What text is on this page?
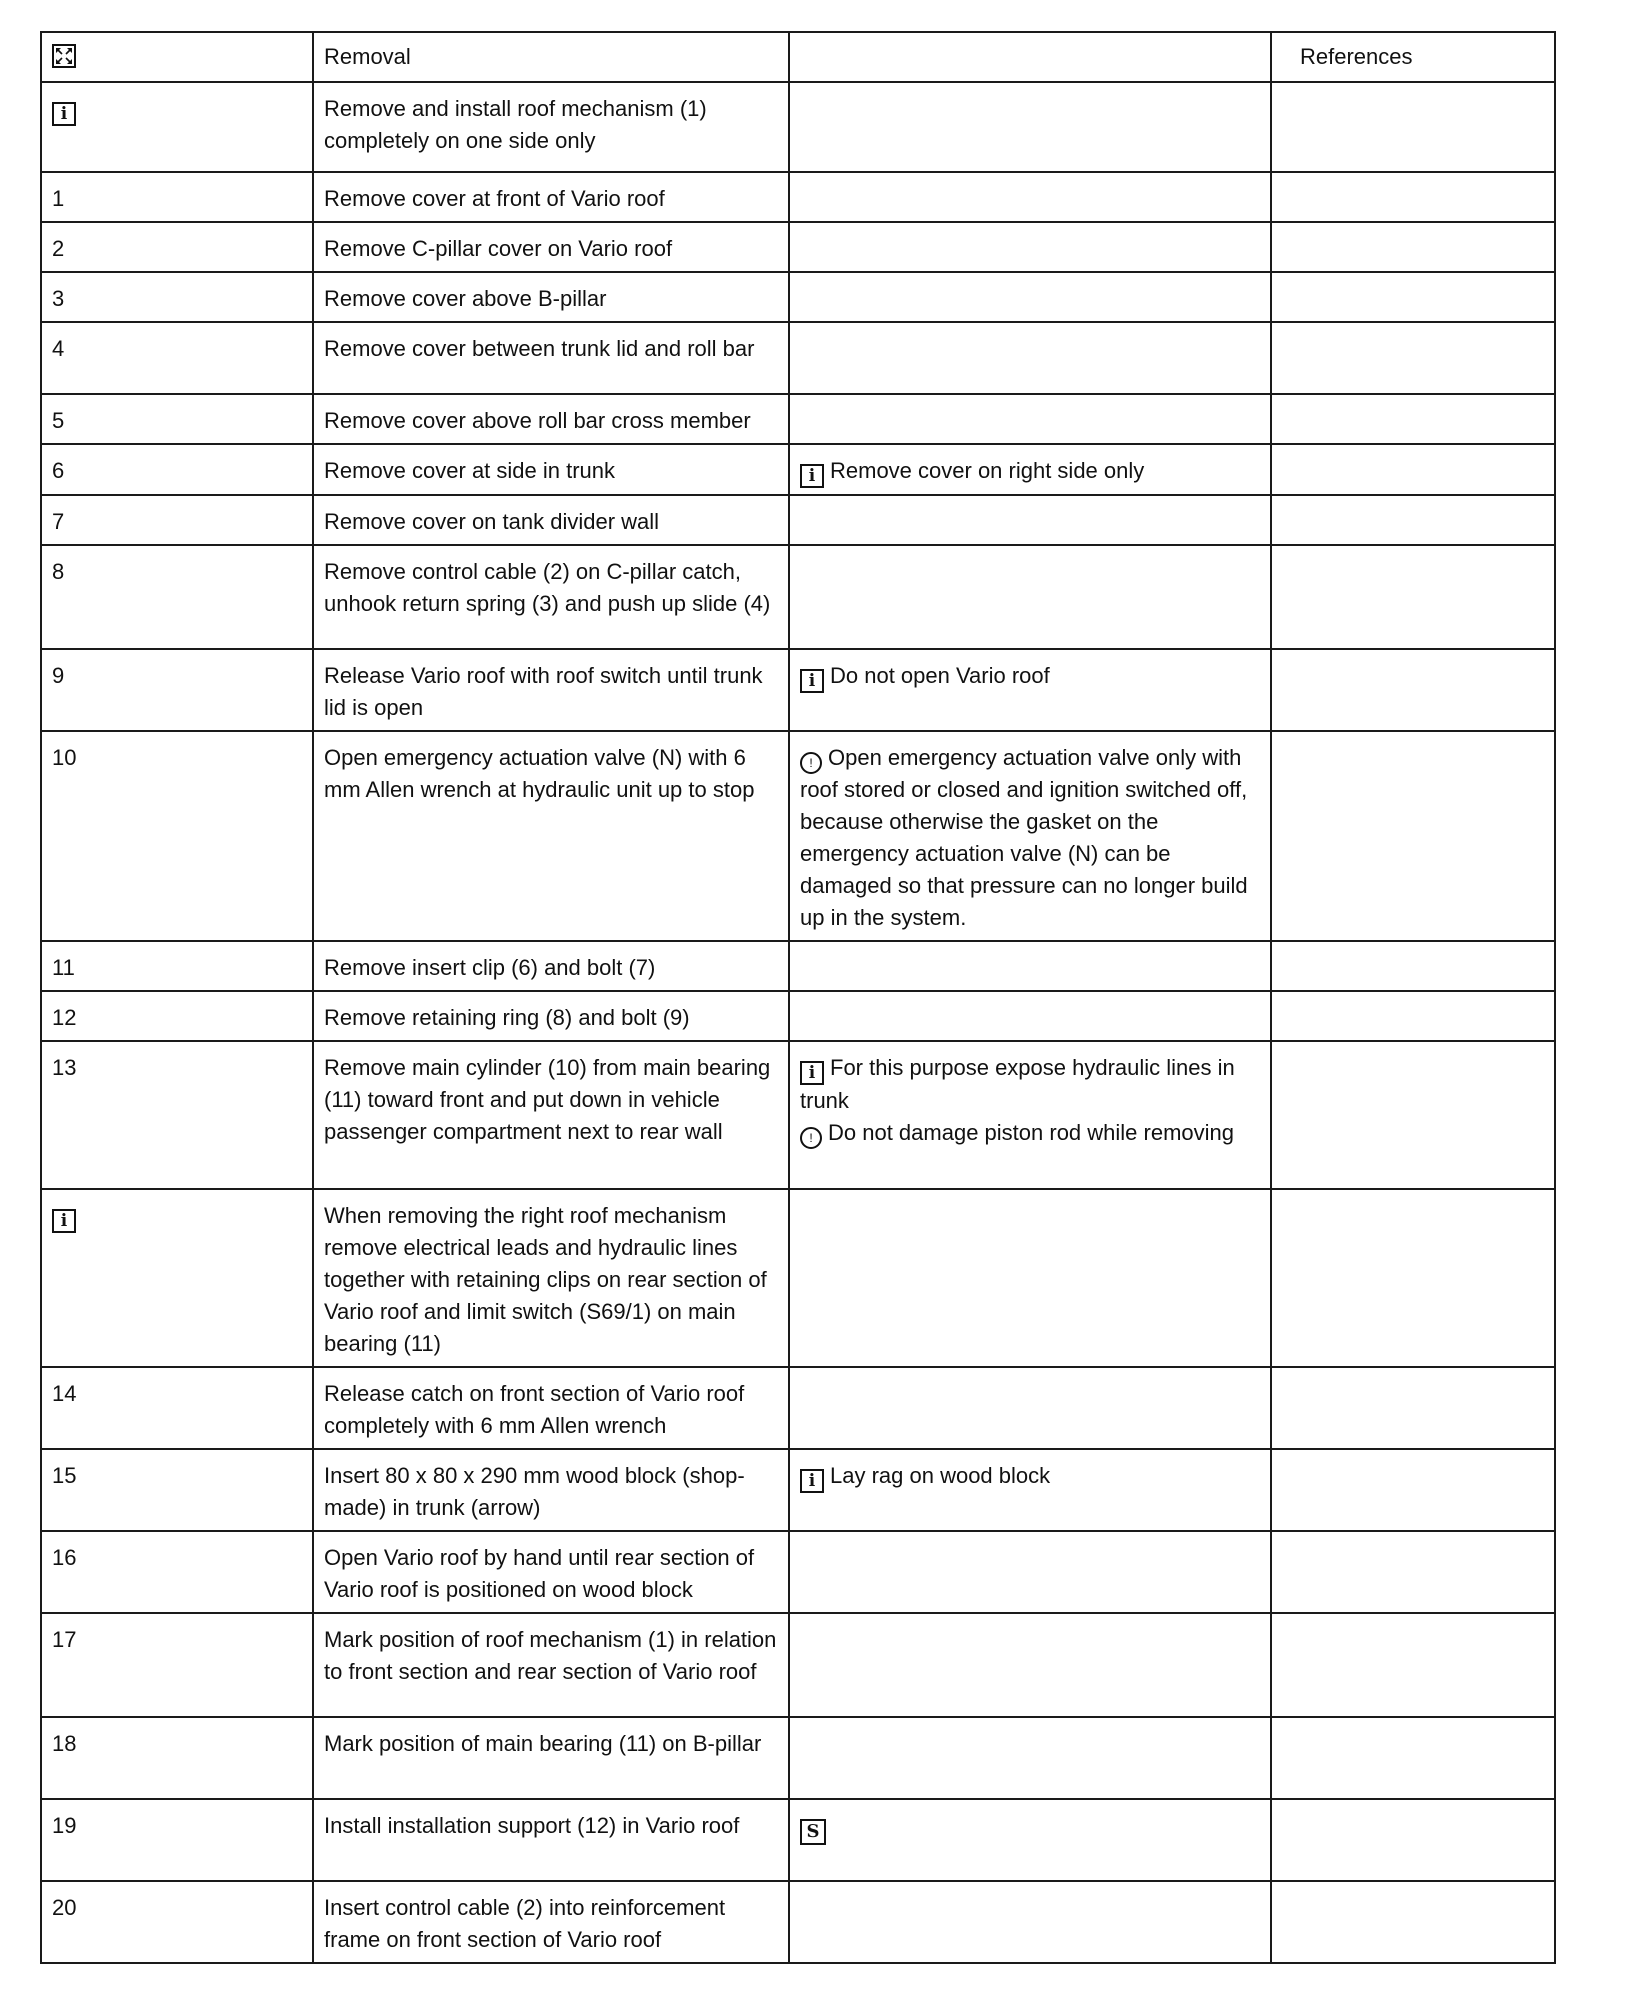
	Removal		References

i	Remove and install roof mechanism (1) completely on one side only		

1	Remove cover at front of Vario roof		

2	Remove C-pillar cover on Vario roof		

3	Remove cover above B-pillar		

4	Remove cover between trunk lid and roll bar		

5	Remove cover above roll bar cross member		

6	Remove cover at side in trunk	i Remove cover on right side only	

7	Remove cover on tank divider wall		

8	Remove control cable (2) on C-pillar catch, unhook return spring (3) and push up slide (4)		

9	Release Vario roof with roof switch until trunk lid is open	i Do not open Vario roof	

10	Open emergency actuation valve (N) with 6 mm Allen wrench at hydraulic unit up to stop	! Open emergency actuation valve only with roof stored or closed and ignition switched off, because otherwise the gasket on the emergency actuation valve (N) can be damaged so that pressure can no longer build up in the system.	

11	Remove insert clip (6) and bolt (7)		

12	Remove retaining ring (8) and bolt (9)		

13	Remove main cylinder (10) from main bearing (11) toward front and put down in vehicle passenger compartment next to rear wall	i For this purpose expose hydraulic lines in trunk
! Do not damage piston rod while removing	

i	When removing the right roof mechanism remove electrical leads and hydraulic lines together with retaining clips on rear section of Vario roof and limit switch (S69/1) on main bearing (11)		

14	Release catch on front section of Vario roof completely with 6 mm Allen wrench		

15	Insert 80 x 80 x 290 mm wood block (shop-made) in trunk (arrow)	i Lay rag on wood block	

16	Open Vario roof by hand until rear section of Vario roof is positioned on wood block		

17	Mark position of roof mechanism (1) in relation to front section and rear section of Vario roof		

18	Mark position of main bearing (11) on B-pillar		

19	Install installation support (12) in Vario roof	S	

20	Insert control cable (2) into reinforcement frame on front section of Vario roof		
